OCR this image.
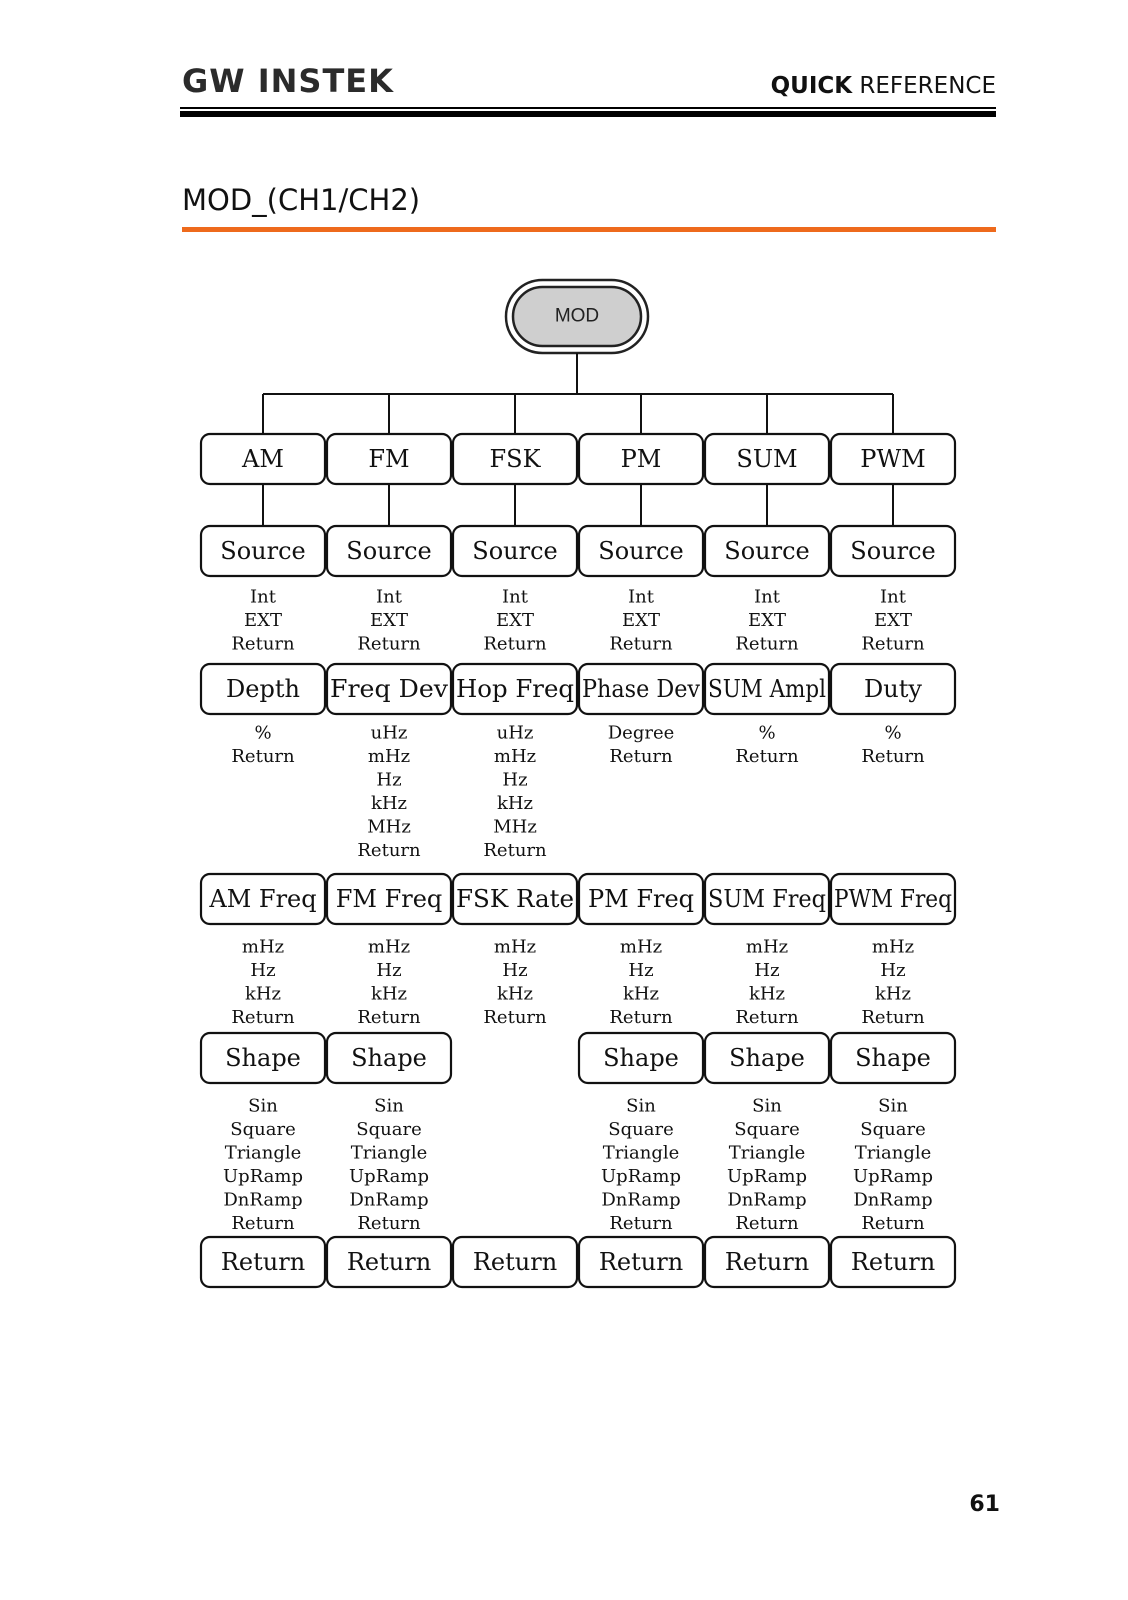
GW INSTEK	QUICK REFERENCE
MOD_(CH1/CH2)
MOD
AM
Source
Int
EXT
Return
Depth
%
Return
AM Freq
mHz
Hz
kHz
Return
Shape
Sin
Square
Triangle
UpRamp
DnRamp
Return
Return
FM
Source
Int
EXT
Return
Freq Dev
uHz
mHz
Hz
kHz
MHz
Return
FM Freq
mHz
Hz
kHz
Return
Shape
Sin
Square
Triangle
UpRamp
DnRamp
Return
Return
FSK
Source
Int
EXT
Return
Hop Freq
uHz
mHz
Hz
kHz
MHz
Return
FSK Rate
mHz
Hz
kHz
Return
Return
PM
Source
Int
EXT
Return
Phase Dev
Degree
Return
PM Freq
mHz
Hz
kHz
Return
Shape
Sin
Square
Triangle
UpRamp
DnRamp
Return
Return
SUM
Source
Int
EXT
Return
SUM Ampl
%
Return
SUM Freq
mHz
Hz
kHz
Return
Shape
Sin
Square
Triangle
UpRamp
DnRamp
Return
Return
PWM
Source
Int
EXT
Return
Duty
%
Return
PWM Freq
mHz
Hz
kHz
Return
Shape
Sin
Square
Triangle
UpRamp
DnRamp
Return
Return
61
